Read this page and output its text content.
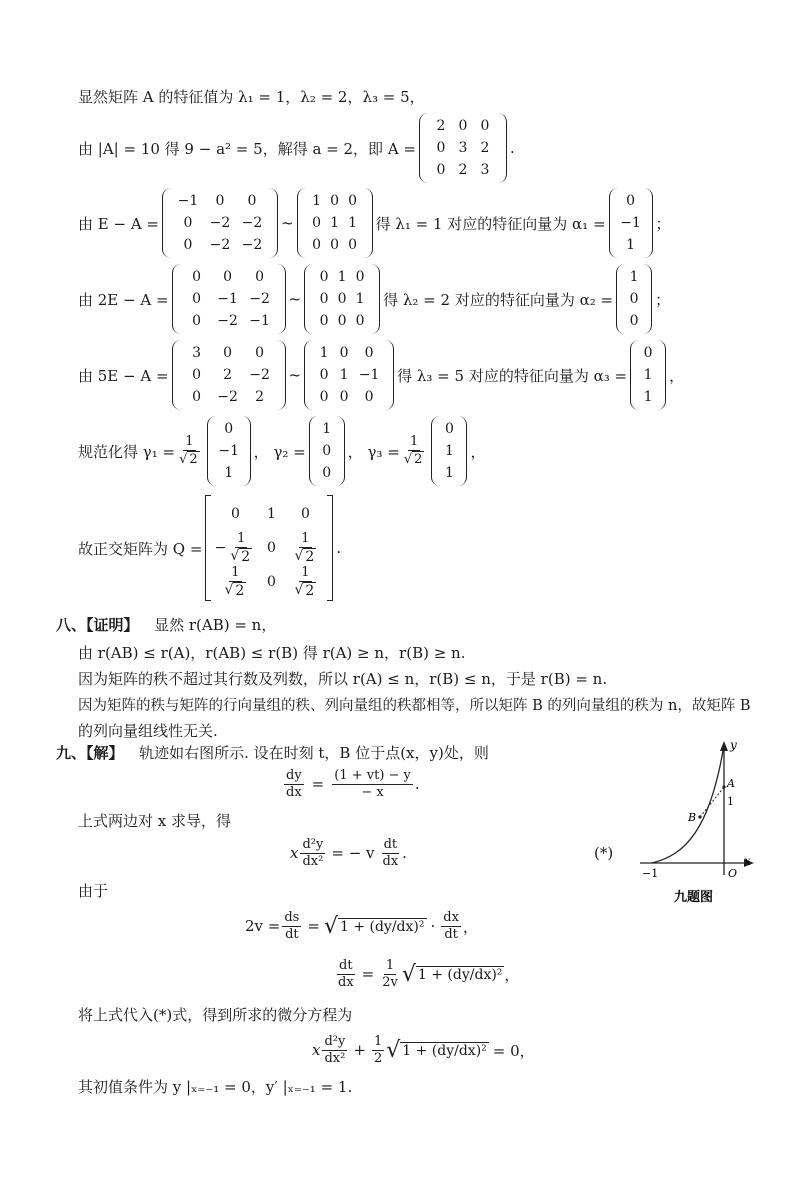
显然矩阵 A 的特征值为 λ₁ = 1，λ₂ = 2，λ₃ = 5，
由 |A| = 10 得 9 − a² = 5，解得 a = 2，即 A =
2 0 0
0 3 2
0 2 3
.
由 E − A =
−1 0 0
0 −2 −2
0 −2 −2
~
1 0 0
0 1 1
0 0 0
得 λ₁ = 1 对应的特征向量为 α₁ =
0
−1
1
；
由 2E − A =
0 0 0
0 −1 −2
0 −2 −1
~
0 1 0
0 0 1
0 0 0
得 λ₂ = 2 对应的特征向量为 α₂ =
1
0
0
；
由 5E − A =
3 0 0
0 2 −2
0 −2 2
~
1 0 0
0 1 −1
0 0 0
得 λ₃ = 5 对应的特征向量为 α₃ =
0
1
1
，
规范化得 $\gamma_1 = \frac{1}{√ 2}$
0
−1
1
， γ₂ =
1
0
0
， $\gamma_3 = \frac{1}{√ 2}$
0
1
1
，
故正交矩阵为 Q =
0 1 0
− $\frac{1}{√ 2} 0 \frac{1}{√ 2}$
$\frac{1}{√ 2} 0 \frac{1}{√ 2}$
.
八、【证明】 显然 r(AB) = n，
由 r(AB) ≤ r(A)，r(AB) ≤ r(B) 得 r(A) ≥ n，r(B) ≥ n.
因为矩阵的秩不超过其行数及列数，所以 r(A) ≤ n，r(B) ≤ n，于是 r(B) = n.
因为矩阵的秩与矩阵的行向量组的秩、列向量组的秩都相等，所以矩阵 B 的列向量组的秩为 n，故矩阵 B
的列向量组线性无关.
九、【解】 轨迹如右图所示. 设在时刻 t，B 位于点(x，y)处，则
$\frac{dy}{dx} = \frac{(1 + vt) - y}{- x}$ .
上式两边对 x 求导，得
x $\frac{\text{d²y}}{\text{dx²}}$ = − v $\frac{dt}{dx}$ .	(*)
由于
$2v = \frac{ds}{dt}$ = √ $1 + (dy/dx)^2 \cdot \frac{dx}{dt}$ ，
$\frac{dt}{dx} = \frac{1}{2v}$ √ 1 + (dy/dx)² ，
将上式代入(*)式，得到所求的微分方程为
x $\frac{\text{d²y}}{\text{dx²}} + \frac{1}{2}$ √ 1 + (dy/dx)² = 0，
其初值条件为 y |ₓ₌₋₁ = 0，y′ |ₓ₌₋₁ = 1.
y
x
A
B
1
−1	O
九题图
